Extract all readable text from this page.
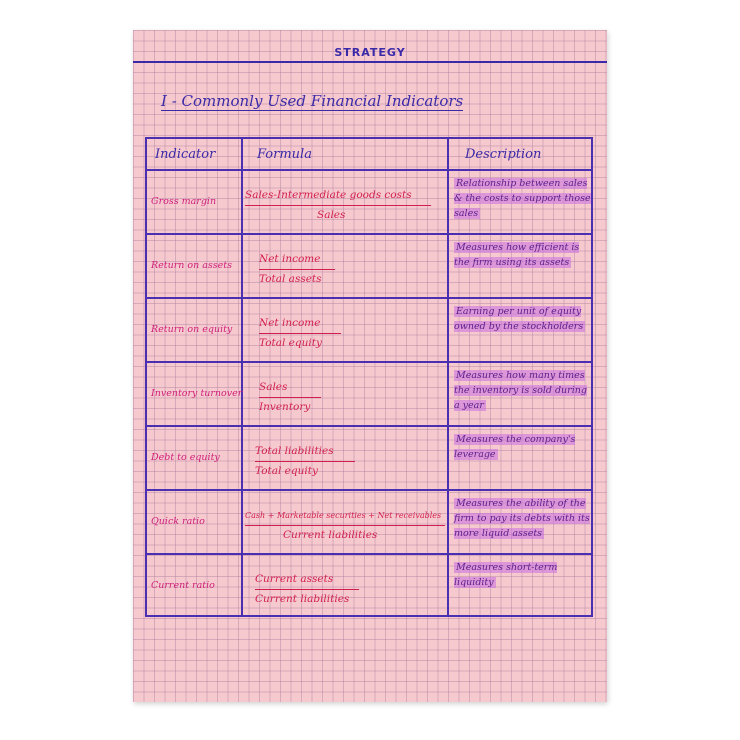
STRATEGY
I - Commonly Used Financial Indicators
Indicator	Formula	Description
Gross margin
Sales-Intermediate goods costs
Sales
Relationship between sales & the costs to support those sales
Return on assets
Net income
Total assets
Measures how efficient is the firm using its assets
Return on equity
Net income
Total equity
Earning per unit of equity owned by the stockholders
Inventory turnover
Sales
Inventory
Measures how many times the inventory is sold during a year
Debt to equity
Total liabilities
Total equity
Measures the company's leverage
Quick ratio
Cash + Marketable securities + Net receivables
Current liabilities
Measures the ability of the firm to pay its debts with its more liquid assets
Current ratio
Current assets
Current liabilities
Measures short-term liquidity
